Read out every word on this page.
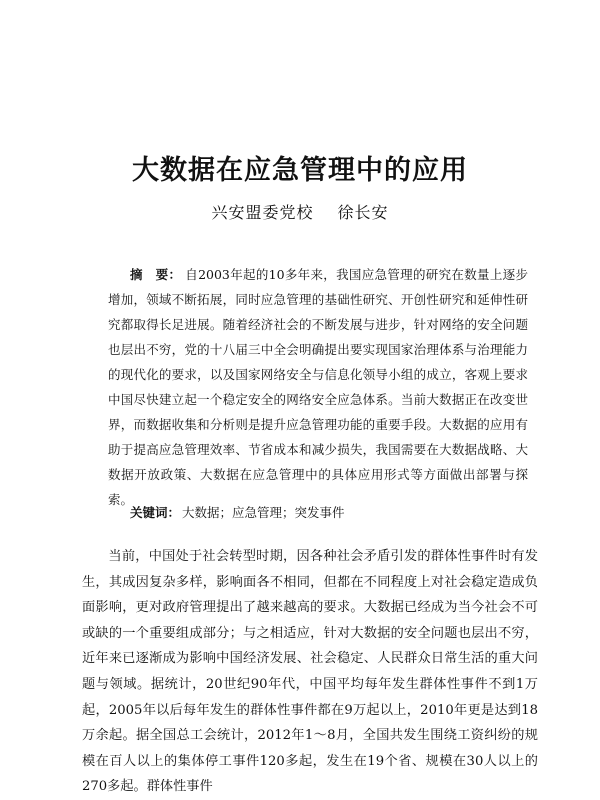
大数据在应急管理中的应用
兴安盟委党校 徐长安

摘　要： 自2003年起的10多年来，我国应急管理的研究在数量上逐步增加，领域不断拓展，同时应急管理的基础性研究、开创性研究和延伸性研究都取得长足进展。随着经济社会的不断发展与进步，针对网络的安全问题也层出不穷，党的十八届三中全会明确提出要实现国家治理体系与治理能力的现代化的要求，以及国家网络安全与信息化领导小组的成立，客观上要求中国尽快建立起一个稳定安全的网络安全应急体系。当前大数据正在改变世界，而数据收集和分析则是提升应急管理功能的重要手段。大数据的应用有助于提高应急管理效率、节省成本和减少损失，我国需要在大数据战略、大数据开放政策、大数据在应急管理中的具体应用形式等方面做出部署与探索。

关键词： 大数据；应急管理；突发事件

当前，中国处于社会转型时期，因各种社会矛盾引发的群体性事件时有发生，其成因复杂多样，影响面各不相同，但都在不同程度上对社会稳定造成负面影响，更对政府管理提出了越来越高的要求。大数据已经成为当今社会不可或缺的一个重要组成部分；与之相适应，针对大数据的安全问题也层出不穷，近年来已逐渐成为影响中国经济发展、社会稳定、人民群众日常生活的重大问题与领域。据统计，20世纪90年代，中国平均每年发生群体性事件不到1万起，2005年以后每年发生的群体性事件都在9万起以上，2010年更是达到18万余起。据全国总工会统计，2012年1～8月，全国共发生围绕工资纠纷的规模在百人以上的集体停工事件120多起，发生在19个省、规模在30人以上的270多起。群体性事件
